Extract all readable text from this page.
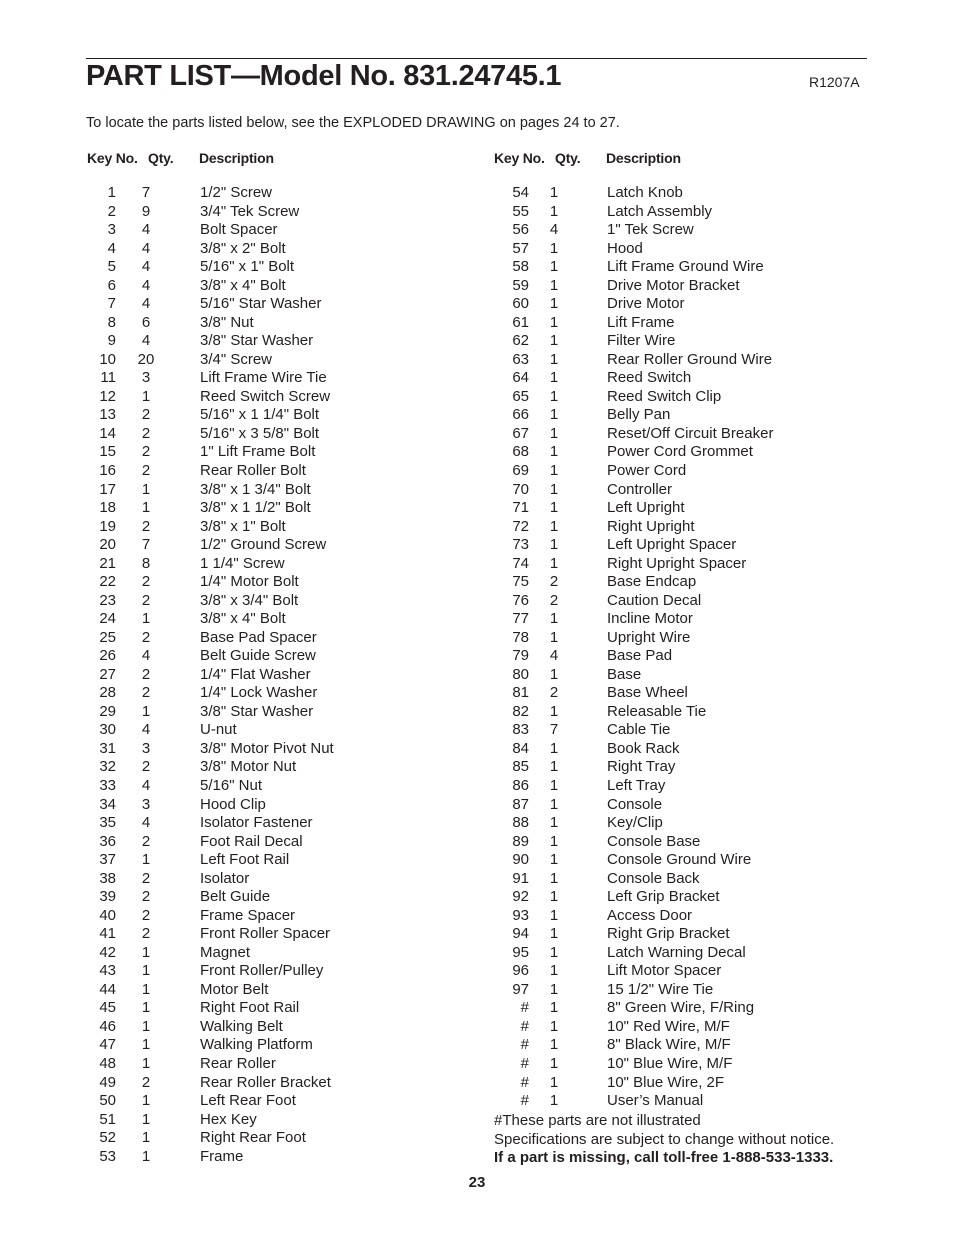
PART LIST—Model No. 831.24745.1	R1207A
To locate the parts listed below, see the EXPLODED DRAWING on pages 24 to 27.
Key No. Qty. Description	Key No. Qty. Description
1	7	1/2" Screw
2	9	3/4" Tek Screw
3	4	Bolt Spacer
4	4	3/8" x 2" Bolt
5	4	5/16" x 1" Bolt
6	4	3/8" x 4" Bolt
7	4	5/16" Star Washer
8	6	3/8" Nut
9	4	3/8" Star Washer
10	20	3/4" Screw
11	3	Lift Frame Wire Tie
12	1	Reed Switch Screw
13	2	5/16" x 1 1/4" Bolt
14	2	5/16" x 3 5/8" Bolt
15	2	1" Lift Frame Bolt
16	2	Rear Roller Bolt
17	1	3/8" x 1 3/4" Bolt
18	1	3/8" x 1 1/2" Bolt
19	2	3/8" x 1" Bolt
20	7	1/2" Ground Screw
21	8	1 1/4" Screw
22	2	1/4" Motor Bolt
23	2	3/8" x 3/4" Bolt
24	1	3/8" x 4" Bolt
25	2	Base Pad Spacer
26	4	Belt Guide Screw
27	2	1/4" Flat Washer
28	2	1/4" Lock Washer
29	1	3/8" Star Washer
30	4	U-nut
31	3	3/8" Motor Pivot Nut
32	2	3/8" Motor Nut
33	4	5/16" Nut
34	3	Hood Clip
35	4	Isolator Fastener
36	2	Foot Rail Decal
37	1	Left Foot Rail
38	2	Isolator
39	2	Belt Guide
40	2	Frame Spacer
41	2	Front Roller Spacer
42	1	Magnet
43	1	Front Roller/Pulley
44	1	Motor Belt
45	1	Right Foot Rail
46	1	Walking Belt
47	1	Walking Platform
48	1	Rear Roller
49	2	Rear Roller Bracket
50	1	Left Rear Foot
51	1	Hex Key
52	1	Right Rear Foot
53	1	Frame
54	1	Latch Knob
55	1	Latch Assembly
56	4	1" Tek Screw
57	1	Hood
58	1	Lift Frame Ground Wire
59	1	Drive Motor Bracket
60	1	Drive Motor
61	1	Lift Frame
62	1	Filter Wire
63	1	Rear Roller Ground Wire
64	1	Reed Switch
65	1	Reed Switch Clip
66	1	Belly Pan
67	1	Reset/Off Circuit Breaker
68	1	Power Cord Grommet
69	1	Power Cord
70	1	Controller
71	1	Left Upright
72	1	Right Upright
73	1	Left Upright Spacer
74	1	Right Upright Spacer
75	2	Base Endcap
76	2	Caution Decal
77	1	Incline Motor
78	1	Upright Wire
79	4	Base Pad
80	1	Base
81	2	Base Wheel
82	1	Releasable Tie
83	7	Cable Tie
84	1	Book Rack
85	1	Right Tray
86	1	Left Tray
87	1	Console
88	1	Key/Clip
89	1	Console Base
90	1	Console Ground Wire
91	1	Console Back
92	1	Left Grip Bracket
93	1	Access Door
94	1	Right Grip Bracket
95	1	Latch Warning Decal
96	1	Lift Motor Spacer
97	1	15 1/2" Wire Tie
#	1	8" Green Wire, F/Ring
#	1	10" Red Wire, M/F
#	1	8" Black Wire, M/F
#	1	10" Blue Wire, M/F
#	1	10" Blue Wire, 2F
#	1	User’s Manual
#These parts are not illustrated
Specifications are subject to change without notice.
If a part is missing, call toll-free 1-888-533-1333.
23
